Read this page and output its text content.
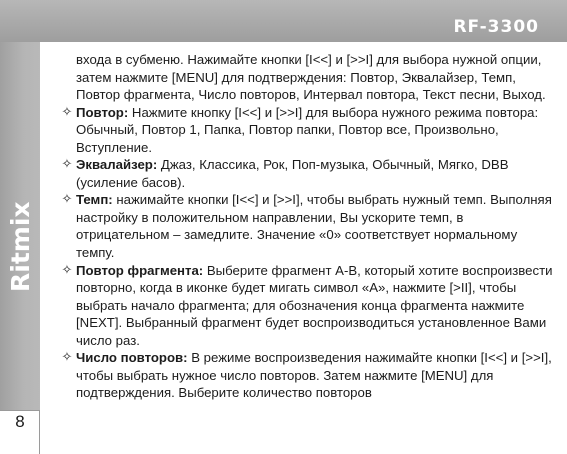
RF-3300
Ritmix
8

входа в субменю. Нажимайте кнопки [I<<] и [>>I] для выбора нужной опции, затем нажмите [MENU] для подтверждения: Повтор, Эквалайзер, Темп, Повтор фрагмента, Число повторов, Интервал повтора, Текст песни, Выход.

✧ Повтор: Нажмите кнопку [I<<] и [>>I] для выбора нужного режима повтора: Обычный, Повтор 1, Папка, Повтор папки, Повтор все, Произвольно, Вступление.
✧ Эквалайзер: Джаз, Классика, Рок, Поп-музыка, Обычный, Мягко, DBB (усиление басов).
✧ Темп: нажимайте кнопки [I<<] и [>>I], чтобы выбрать нужный темп. Выполняя настройку в положительном направлении, Вы ускорите темп, в отрицательном – замедлите. Значение «0» соответствует нормальному темпу.
✧ Повтор фрагмента: Выберите фрагмент А-В, который хотите воспроизвести повторно, когда в иконке будет мигать символ «А», нажмите [>II], чтобы выбрать начало фрагмента; для обозначения конца фрагмента нажмите [NEXT]. Выбранный фрагмент будет воспроизводиться установленное Вами число раз.
✧ Число повторов: В режиме воспроизведения нажимайте кнопки [I<<] и [>>I], чтобы выбрать нужное число повторов. Затем нажмите [MENU] для подтверждения. Выберите количество повторов
